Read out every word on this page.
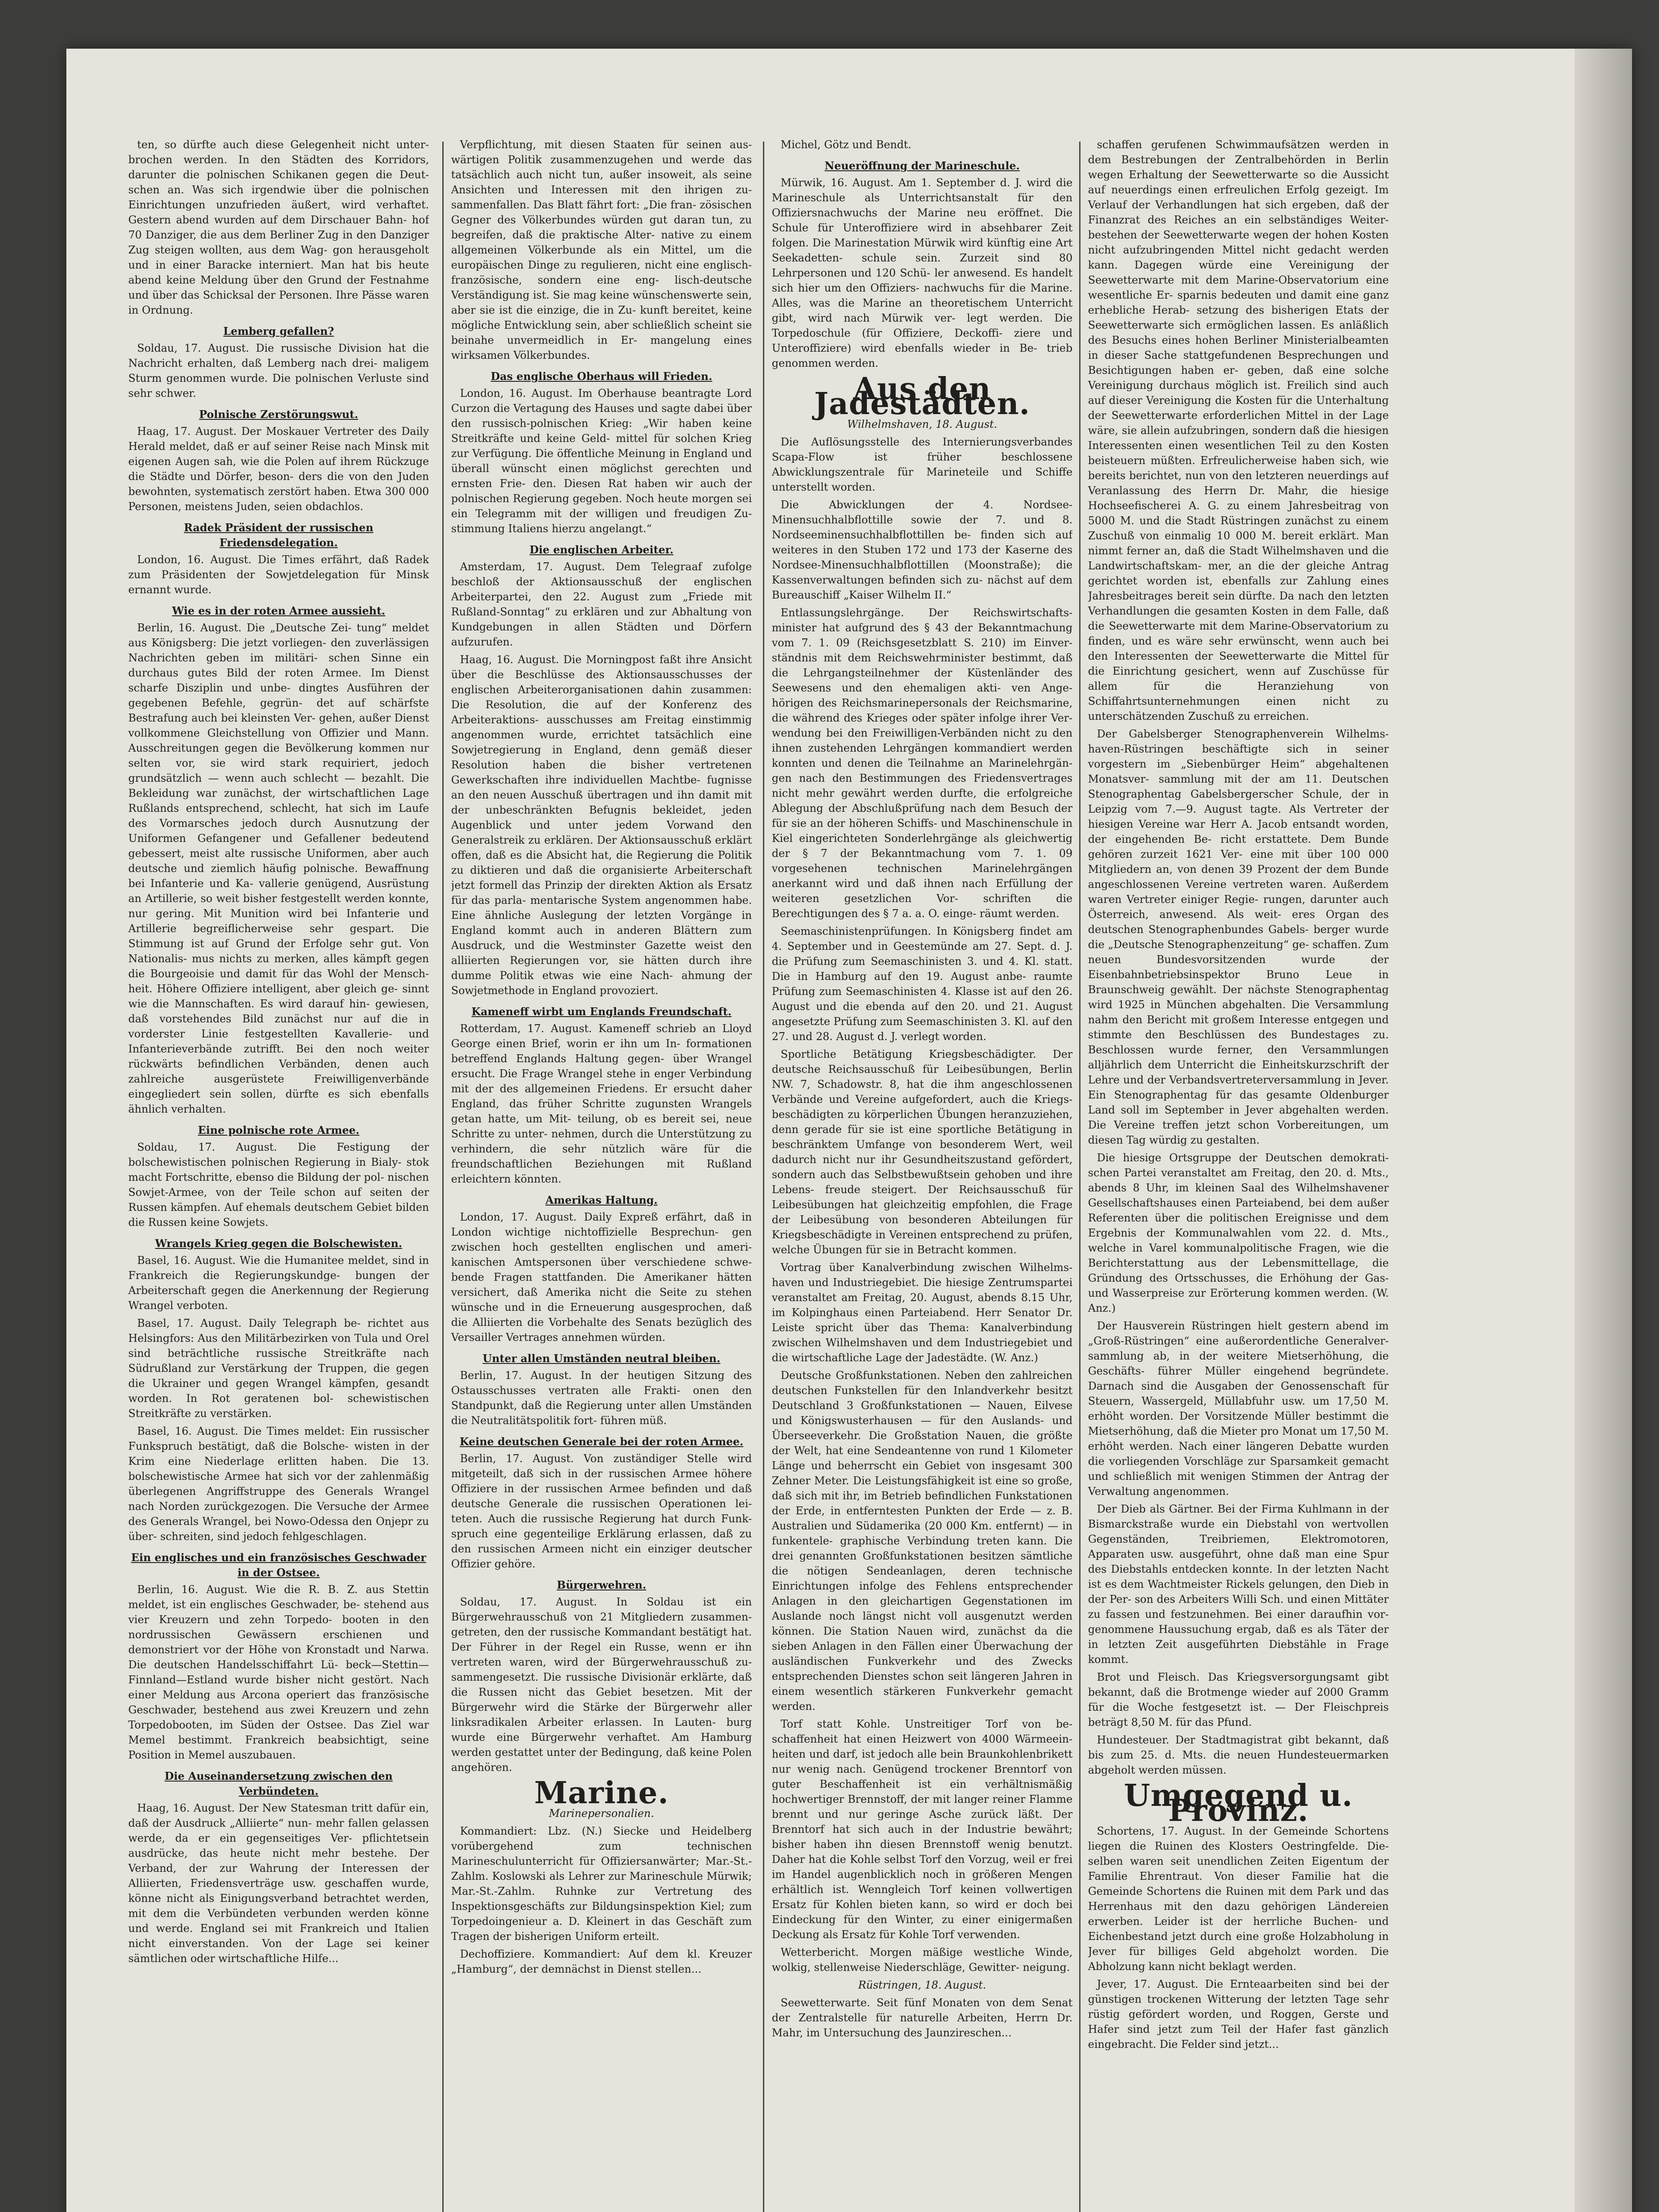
ten, so dürfte auch diese Gelegenheit nicht unter- brochen werden. In den Städten des Korridors, darunter die polnischen Schikanen gegen die Deut- schen an. Was sich irgendwie über die polnischen Einrichtungen unzufrieden äußert, wird verhaftet. Gestern abend wurden auf dem Dirschauer Bahn- hof 70 Danziger, die aus dem Berliner Zug in den Danziger Zug steigen wollten, aus dem Wag- gon herausgeholt und in einer Baracke interniert. Man hat bis heute abend keine Meldung über den Grund der Festnahme und über das Schicksal der Personen. Ihre Pässe waren in Ordnung.

Lemberg gefallen?

Soldau, 17. August. Die russische Division hat die Nachricht erhalten, daß Lemberg nach drei- maligem Sturm genommen wurde. Die polnischen Verluste sind sehr schwer.

Polnische Zerstörungswut.

Haag, 17. August. Der Moskauer Vertreter des Daily Herald meldet, daß er auf seiner Reise nach Minsk mit eigenen Augen sah, wie die Polen auf ihrem Rückzuge die Städte und Dörfer, beson- ders die von den Juden bewohnten, systematisch zerstört haben. Etwa 300 000 Personen, meistens Juden, seien obdachlos.

Radek Präsident der russischen Friedensdelegation.

London, 16. August. Die Times erfährt, daß Radek zum Präsidenten der Sowjetdelegation für Minsk ernannt wurde.

Wie es in der roten Armee aussieht.

Berlin, 16. August. Die „Deutsche Zei- tung“ meldet aus Königsberg: Die jetzt vorliegen- den zuverlässigen Nachrichten geben im militäri- schen Sinne ein durchaus gutes Bild der roten Armee. Im Dienst scharfe Disziplin und unbe- dingtes Ausführen der gegebenen Befehle, gegrün- det auf schärfste Bestrafung auch bei kleinsten Ver- gehen, außer Dienst vollkommene Gleichstellung von Offizier und Mann. Ausschreitungen gegen die Bevölkerung kommen nur selten vor, sie wird stark requiriert, jedoch grundsätzlich — wenn auch schlecht — bezahlt. Die Bekleidung war zunächst, der wirtschaftlichen Lage Rußlands entsprechend, schlecht, hat sich im Laufe des Vormarsches jedoch durch Ausnutzung der Uniformen Gefangener und Gefallener bedeutend gebessert, meist alte russische Uniformen, aber auch deutsche und ziemlich häufig polnische. Bewaffnung bei Infanterie und Ka- vallerie genügend, Ausrüstung an Artillerie, so weit bisher festgestellt werden konnte, nur gering. Mit Munition wird bei Infanterie und Artillerie begreiflicherweise sehr gespart. Die Stimmung ist auf Grund der Erfolge sehr gut. Von Nationalis- mus nichts zu merken, alles kämpft gegen die Bourgeoisie und damit für das Wohl der Mensch- heit. Höhere Offiziere intelligent, aber gleich ge- sinnt wie die Mannschaften. Es wird darauf hin- gewiesen, daß vorstehendes Bild zunächst nur auf die in vorderster Linie festgestellten Kavallerie- und Infanterieverbände zutrifft. Bei den noch weiter rückwärts befindlichen Verbänden, denen auch zahlreiche ausgerüstete Freiwilligenverbände eingegliedert sein sollen, dürfte es sich ebenfalls ähnlich verhalten.

Eine polnische rote Armee.

Soldau, 17. August. Die Festigung der bolschewistischen polnischen Regierung in Bialy- stok macht Fortschritte, ebenso die Bildung der pol- nischen Sowjet-Armee, von der Teile schon auf seiten der Russen kämpfen. Auf ehemals deutschem Gebiet bilden die Russen keine Sowjets.

Wrangels Krieg gegen die Bolschewisten.

Basel, 16. August. Wie die Humanitee meldet, sind in Frankreich die Regierungskundge- bungen der Arbeiterschaft gegen die Anerkennung der Regierung Wrangel verboten.

Basel, 17. August. Daily Telegraph be- richtet aus Helsingfors: Aus den Militärbezirken von Tula und Orel sind beträchtliche russische Streitkräfte nach Südrußland zur Verstärkung der Truppen, die gegen die Ukrainer und gegen Wrangel kämpfen, gesandt worden. In Rot geratenen bol- schewistischen Streitkräfte zu verstärken.

Basel, 16. August. Die Times meldet: Ein russischer Funkspruch bestätigt, daß die Bolsche- wisten in der Krim eine Niederlage erlitten haben. Die 13. bolschewistische Armee hat sich vor der zahlenmäßig überlegenen Angriffstruppe des Generals Wrangel nach Norden zurückgezogen. Die Versuche der Armee des Generals Wrangel, bei Nowo-Odessa den Onjepr zu über- schreiten, sind jedoch fehlgeschlagen.

Ein englisches und ein französisches Geschwader in der Ostsee.

Berlin, 16. August. Wie die R. B. Z. aus Stettin meldet, ist ein englisches Geschwader, be- stehend aus vier Kreuzern und zehn Torpedo- booten in den nordrussischen Gewässern erschienen und demonstriert vor der Höhe von Kronstadt und Narwa. Die deutschen Handelsschiffahrt Lü- beck—Stettin—Finnland—Estland wurde bisher nicht gestört. Nach einer Meldung aus Arcona operiert das französische Geschwader, bestehend aus zwei Kreuzern und zehn Torpedobooten, im Süden der Ostsee. Das Ziel war Memel bestimmt. Frankreich beabsichtigt, seine Position in Memel auszubauen.

Die Auseinandersetzung zwischen den Verbündeten.

Haag, 16. August. Der New Statesman tritt dafür ein, daß der Ausdruck „Alliierte“ nun- mehr fallen gelassen werde, da er ein gegenseitiges Ver- pflichtetsein ausdrücke, das heute nicht mehr bestehe. Der Verband, der zur Wahrung der Interessen der Alliierten, Friedensverträge usw. geschaffen wurde, könne nicht als Einigungsverband betrachtet werden, mit dem die Verbündeten verbunden werden könne und werde. England sei mit Frankreich und Italien nicht einverstanden. Von der Lage sei keiner sämtlichen oder wirtschaftliche Hilfe...

Verpflichtung, mit diesen Staaten für seinen aus- wärtigen Politik zusammenzugehen und werde das tatsächlich auch nicht tun, außer insoweit, als seine Ansichten und Interessen mit den ihrigen zu- sammenfallen. Das Blatt fährt fort: „Die fran- zösischen Gegner des Völkerbundes würden gut daran tun, zu begreifen, daß die praktische Alter- native zu einem allgemeinen Völkerbunde als ein Mittel, um die europäischen Dinge zu regulieren, nicht eine englisch-französische, sondern eine eng- lisch-deutsche Verständigung ist. Sie mag keine wünschenswerte sein, aber sie ist die einzige, die in Zu- kunft bereitet, keine mögliche Entwicklung sein, aber schließlich scheint sie beinahe unvermeidlich in Er- mangelung eines wirksamen Völkerbundes.

Das englische Oberhaus will Frieden.

London, 16. August. Im Oberhause beantragte Lord Curzon die Vertagung des Hauses und sagte dabei über den russisch-polnischen Krieg: „Wir haben keine Streitkräfte und keine Geld- mittel für solchen Krieg zur Verfügung. Die öffentliche Meinung in England und überall wünscht einen möglichst gerechten und ernsten Frie- den. Diesen Rat haben wir auch der polnischen Regierung gegeben. Noch heute morgen sei ein Telegramm mit der willigen und freudigen Zu- stimmung Italiens hierzu angelangt.“

Die englischen Arbeiter.

Amsterdam, 17. August. Dem Telegraaf zufolge beschloß der Aktionsausschuß der englischen Arbeiterpartei, den 22. August zum „Friede mit Rußland-Sonntag“ zu erklären und zur Abhaltung von Kundgebungen in allen Städten und Dörfern aufzurufen.

Haag, 16. August. Die Morningpost faßt ihre Ansicht über die Beschlüsse des Aktionsausschusses der englischen Arbeiterorganisationen dahin zusammen: Die Resolution, die auf der Konferenz des Arbeiteraktions- ausschusses am Freitag einstimmig angenommen wurde, errichtet tatsächlich eine Sowjetregierung in England, denn gemäß dieser Resolution haben die bisher vertretenen Gewerkschaften ihre individuellen Machtbe- fugnisse an den neuen Ausschuß übertragen und ihn damit mit der unbeschränkten Befugnis bekleidet, jeden Augenblick und unter jedem Vorwand den Generalstreik zu erklären. Der Aktionsausschuß erklärt offen, daß es die Absicht hat, die Regierung die Politik zu diktieren und daß die organisierte Arbeiterschaft jetzt formell das Prinzip der direkten Aktion als Ersatz für das parla- mentarische System angenommen habe. Eine ähnliche Auslegung der letzten Vorgänge in England kommt auch in anderen Blättern zum Ausdruck, und die Westminster Gazette weist den alliierten Regierungen vor, sie hätten durch ihre dumme Politik etwas wie eine Nach- ahmung der Sowjetmethode in England provoziert.

Kameneff wirbt um Englands Freundschaft.

Rotterdam, 17. August. Kameneff schrieb an Lloyd George einen Brief, worin er ihn um In- formationen betreffend Englands Haltung gegen- über Wrangel ersucht. Die Frage Wrangel stehe in enger Verbindung mit der des allgemeinen Friedens. Er ersucht daher England, das früher Schritte zugunsten Wrangels getan hatte, um Mit- teilung, ob es bereit sei, neue Schritte zu unter- nehmen, durch die Unterstützung zu verhindern, die sehr nützlich wäre für die freundschaftlichen Beziehungen mit Rußland erleichtern könnten.

Amerikas Haltung.

London, 17. August. Daily Expreß erfährt, daß in London wichtige nichtoffizielle Besprechun- gen zwischen hoch gestellten englischen und ameri- kanischen Amtspersonen über verschiedene schwe- bende Fragen stattfanden. Die Amerikaner hätten versichert, daß Amerika nicht die Seite zu stehen wünsche und in die Erneuerung ausgesprochen, daß die Alliierten die Vorbehalte des Senats bezüglich des Versailler Vertrages annehmen würden.

Unter allen Umständen neutral bleiben.

Berlin, 17. August. In der heutigen Sitzung des Ostausschusses vertraten alle Frakti- onen den Standpunkt, daß die Regierung unter allen Umständen die Neutralitätspolitik fort- führen müß.

Keine deutschen Generale bei der roten Armee.

Berlin, 17. August. Von zuständiger Stelle wird mitgeteilt, daß sich in der russischen Armee höhere Offiziere in der russischen Armee befinden und daß deutsche Generale die russischen Operationen lei- teten. Auch die russische Regierung hat durch Funk- spruch eine gegenteilige Erklärung erlassen, daß zu den russischen Armeen nicht ein einziger deutscher Offizier gehöre.

Bürgerwehren.

Soldau, 17. August. In Soldau ist ein Bürgerwehrausschuß von 21 Mitgliedern zusammen- getreten, den der russische Kommandant bestätigt hat. Der Führer in der Regel ein Russe, wenn er ihn vertreten waren, wird der Bürgerwehrausschuß zu- sammengesetzt. Die russische Divisionär erklärte, daß die Russen nicht das Gebiet besetzen. Mit der Bürgerwehr wird die Stärke der Bürgerwehr aller linksradikalen Arbeiter erlassen. In Lauten- burg wurde eine Bürgerwehr verhaftet. Am Hamburg werden gestattet unter der Bedingung, daß keine Polen angehören.

Marine.
Marinepersonalien.

Kommandiert: Lbz. (N.) Siecke und Heidelberg vorübergehend zum technischen Marineschulunterricht für Offiziersanwärter; Mar.-St.-Zahlm. Koslowski als Lehrer zur Marineschule Mürwik; Mar.-St.-Zahlm. Ruhnke zur Vertretung des Inspektionsgeschäfts zur Bildungsinspektion Kiel; zum Torpedoingenieur a. D. Kleinert in das Geschäft zum Tragen der bisherigen Uniform erteilt.

Dechoffiziere. Kommandiert: Auf dem kl. Kreuzer „Hamburg“, der demnächst in Dienst stellen...

Michel, Götz und Bendt.

Neueröffnung der Marineschule.

Mürwik, 16. August. Am 1. September d. J. wird die Marineschule als Unterrichtsanstalt für den Offiziersnachwuchs der Marine neu eröffnet. Die Schule für Unteroffiziere wird in absehbarer Zeit folgen. Die Marinestation Mürwik wird künftig eine Art Seekadetten- schule sein. Zurzeit sind 80 Lehrpersonen und 120 Schü- ler anwesend. Es handelt sich hier um den Offiziers- nachwuchs für die Marine. Alles, was die Marine an theoretischem Unterricht gibt, wird nach Mürwik ver- legt werden. Die Torpedoschule (für Offiziere, Deckoffi- ziere und Unteroffiziere) wird ebenfalls wieder in Be- trieb genommen werden.

Aus den Jadestädten.
Wilhelmshaven, 18. August.

Die Auflösungsstelle des Internierungsverbandes Scapa-Flow ist früher beschlossene Abwicklungszentrale für Marineteile und Schiffe unterstellt worden.

Die Abwicklungen der 4. Nordsee-Minensuchhalbflottille sowie der 7. und 8. Nordseeminensuchhalbflottillen be- finden sich auf weiteres in den Stuben 172 und 173 der Kaserne des Nordsee-Minensuchhalbflottillen (Moonstraße); die Kassenverwaltungen befinden sich zu- nächst auf dem Bureauschiff „Kaiser Wilhelm II.“

Entlassungslehrgänge. Der Reichswirtschafts- minister hat aufgrund des § 43 der Bekanntmachung vom 7. 1. 09 (Reichsgesetzblatt S. 210) im Einver- ständnis mit dem Reichswehrminister bestimmt, daß die Lehrgangsteilnehmer der Küstenländer des Seewesens und den ehemaligen akti- ven Ange- hörigen des Reichsmarinepersonals der Reichsmarine, die während des Krieges oder später infolge ihrer Ver- wendung bei den Freiwilligen-Verbänden nicht zu den ihnen zustehenden Lehrgängen kommandiert werden konnten und denen die Teilnahme an Marinelehrgän- gen nach den Bestimmungen des Friedensvertrages nicht mehr gewährt werden durfte, die erfolgreiche Ablegung der Abschlußprüfung nach dem Besuch der für sie an der höheren Schiffs- und Maschinenschule in Kiel eingerichteten Sonderlehrgänge als gleichwertig der § 7 der Bekanntmachung vom 7. 1. 09 vorgesehenen technischen Marinelehrgängen anerkannt wird und daß ihnen nach Erfüllung der weiteren gesetzlichen Vor- schriften die Berechtigungen des § 7 a. a. O. einge- räumt werden.

Seemaschinistenprüfungen. In Königsberg findet am 4. September und in Geestemünde am 27. Sept. d. J. die Prüfung zum Seemaschinisten 3. und 4. Kl. statt. Die in Hamburg auf den 19. August anbe- raumte Prüfung zum Seemaschinisten 4. Klasse ist auf den 26. August und die ebenda auf den 20. und 21. August angesetzte Prüfung zum Seemaschinisten 3. Kl. auf den 27. und 28. August d. J. verlegt worden.

Sportliche Betätigung Kriegsbeschädigter. Der deutsche Reichsausschuß für Leibesübungen, Berlin NW. 7, Schadowstr. 8, hat die ihm angeschlossenen Verbände und Vereine aufgefordert, auch die Kriegs- beschädigten zu körperlichen Übungen heranzuziehen, denn gerade für sie ist eine sportliche Betätigung in beschränktem Umfange von besonderem Wert, weil dadurch nicht nur ihr Gesundheitszustand gefördert, sondern auch das Selbstbewußtsein gehoben und ihre Lebens- freude steigert. Der Reichsausschuß für Leibesübungen hat gleichzeitig empfohlen, die Frage der Leibesübung von besonderen Abteilungen für Kriegsbeschädigte in Vereinen entsprechend zu prüfen, welche Übungen für sie in Betracht kommen.

Vortrag über Kanalverbindung zwischen Wilhelms- haven und Industriegebiet. Die hiesige Zentrumspartei veranstaltet am Freitag, 20. August, abends 8.15 Uhr, im Kolpinghaus einen Parteiabend. Herr Senator Dr. Leiste spricht über das Thema: Kanalverbindung zwischen Wilhelmshaven und dem Industriegebiet und die wirtschaftliche Lage der Jadestädte. (W. Anz.)

Deutsche Großfunkstationen. Neben den zahlreichen deutschen Funkstellen für den Inlandverkehr besitzt Deutschland 3 Großfunkstationen — Nauen, Eilvese und Königswusterhausen — für den Auslands- und Überseeverkehr. Die Großstation Nauen, die größte der Welt, hat eine Sendeantenne von rund 1 Kilometer Länge und beherrscht ein Gebiet von insgesamt 300 Zehner Meter. Die Leistungsfähigkeit ist eine so große, daß sich mit ihr, im Betrieb befindlichen Funkstationen der Erde, in entferntesten Punkten der Erde — z. B. Australien und Südamerika (20 000 Km. entfernt) — in funkentele- graphische Verbindung treten kann. Die drei genannten Großfunkstationen besitzen sämtliche die nötigen Sendeanlagen, deren technische Einrichtungen infolge des Fehlens entsprechender Anlagen in den gleichartigen Gegenstationen im Auslande noch längst nicht voll ausgenutzt werden können. Die Station Nauen wird, zunächst da die sieben Anlagen in den Fällen einer Überwachung der ausländischen Funkverkehr und des Zwecks entsprechenden Dienstes schon seit längeren Jahren in einem wesentlich stärkeren Funkverkehr gemacht werden.

Torf statt Kohle. Unstreitiger Torf von be- schaffenheit hat einen Heizwert von 4000 Wärmeein- heiten und darf, ist jedoch alle bein Braunkohlenbrikett nur wenig nach. Genügend trockener Brenntorf von guter Beschaffenheit ist ein verhältnismäßig hochwertiger Brennstoff, der mit langer reiner Flamme brennt und nur geringe Asche zurück läßt. Der Brenntorf hat sich auch in der Industrie bewährt; bisher haben ihn diesen Brennstoff wenig benutzt. Daher hat die Kohle selbst Torf den Vorzug, weil er frei im Handel augenblicklich noch in größeren Mengen erhältlich ist. Wenngleich Torf keinen vollwertigen Ersatz für Kohlen bieten kann, so wird er doch bei Eindeckung für den Winter, zu einer einigermaßen Deckung als Ersatz für Kohle Torf verwenden.

Wetterbericht. Morgen mäßige westliche Winde, wolkig, stellenweise Niederschläge, Gewitter- neigung.

Rüstringen, 18. August.

Seewetterwarte. Seit fünf Monaten von dem Senat der Zentralstelle für naturelle Arbeiten, Herrn Dr. Mahr, im Untersuchung des Jaunzireschen...

schaffen gerufenen Schwimmaufsätzen werden in dem Bestrebungen der Zentralbehörden in Berlin wegen Erhaltung der Seewetterwarte so die Aussicht auf neuerdings einen erfreulichen Erfolg gezeigt. Im Verlauf der Verhandlungen hat sich ergeben, daß der Finanzrat des Reiches an ein selbständiges Weiter- bestehen der Seewetterwarte wegen der hohen Kosten nicht aufzubringenden Mittel nicht gedacht werden kann. Dagegen würde eine Vereinigung der Seewetterwarte mit dem Marine-Observatorium eine wesentliche Er- sparnis bedeuten und damit eine ganz erhebliche Herab- setzung des bisherigen Etats der Seewetterwarte sich ermöglichen lassen. Es anläßlich des Besuchs eines hohen Berliner Ministerialbeamten in dieser Sache stattgefundenen Besprechungen und Besichtigungen haben er- geben, daß eine solche Vereinigung durchaus möglich ist. Freilich sind auch auf dieser Vereinigung die Kosten für die Unterhaltung der Seewetterwarte erforderlichen Mittel in der Lage wäre, sie allein aufzubringen, sondern daß die hiesigen Interessenten einen wesentlichen Teil zu den Kosten beisteuern müßten. Erfreulicherweise haben sich, wie bereits berichtet, nun von den letzteren neuerdings auf Veranlassung des Herrn Dr. Mahr, die hiesige Hochseefischerei A. G. zu einem Jahresbeitrag von 5000 M. und die Stadt Rüstringen zunächst zu einem Zuschuß von einmalig 10 000 M. bereit erklärt. Man nimmt ferner an, daß die Stadt Wilhelmshaven und die Landwirtschaftskam- mer, an die der gleiche Antrag gerichtet worden ist, ebenfalls zur Zahlung eines Jahresbeitrages bereit sein dürfte. Da nach den letzten Verhandlungen die gesamten Kosten in dem Falle, daß die Seewetterwarte mit dem Marine-Observatorium zu finden, und es wäre sehr erwünscht, wenn auch bei den Interessenten der Seewetterwarte die Mittel für die Einrichtung gesichert, wenn auf Zuschüsse für allem für die Heranziehung von Schiffahrtsunternehmungen einen nicht zu unterschätzenden Zuschuß zu erreichen.

Der Gabelsberger Stenographenverein Wilhelms- haven-Rüstringen beschäftigte sich in seiner vorgestern im „Siebenbürger Heim“ abgehaltenen Monatsver- sammlung mit der am 11. Deutschen Stenographentag Gabelsbergerscher Schule, der in Leipzig vom 7.—9. August tagte. Als Vertreter der hiesigen Vereine war Herr A. Jacob entsandt worden, der eingehenden Be- richt erstattete. Dem Bunde gehören zurzeit 1621 Ver- eine mit über 100 000 Mitgliedern an, von denen 39 Prozent der dem Bunde angeschlossenen Vereine vertreten waren. Außerdem waren Vertreter einiger Regie- rungen, darunter auch Österreich, anwesend. Als weit- eres Organ des deutschen Stenographenbundes Gabels- berger wurde die „Deutsche Stenographenzeitung“ ge- schaffen. Zum neuen Bundesvorsitzenden wurde der Eisenbahnbetriebsinspektor Bruno Leue in Braunschweig gewählt. Der nächste Stenographentag wird 1925 in München abgehalten. Die Versammlung nahm den Bericht mit großem Interesse entgegen und stimmte den Beschlüssen des Bundestages zu. Beschlossen wurde ferner, den Versammlungen alljährlich dem Unterricht die Einheitskurzschrift der Lehre und der Verbandsvertreterversammlung in Jever. Ein Stenographentag für das gesamte Oldenburger Land soll im September in Jever abgehalten werden. Die Vereine treffen jetzt schon Vorbereitungen, um diesen Tag würdig zu gestalten.

Die hiesige Ortsgruppe der Deutschen demokrati- schen Partei veranstaltet am Freitag, den 20. d. Mts., abends 8 Uhr, im kleinen Saal des Wilhelmshavener Gesellschaftshauses einen Parteiabend, bei dem außer Referenten über die politischen Ereignisse und dem Ergebnis der Kommunalwahlen vom 22. d. Mts., welche in Varel kommunalpolitische Fragen, wie die Berichterstattung aus der Lebensmittellage, die Gründung des Ortsschusses, die Erhöhung der Gas- und Wasserpreise zur Erörterung kommen werden. (W. Anz.)

Der Hausverein Rüstringen hielt gestern abend im „Groß-Rüstringen“ eine außerordentliche Generalver- sammlung ab, in der weitere Mietserhöhung, die Geschäfts- führer Müller eingehend begründete. Darnach sind die Ausgaben der Genossenschaft für Steuern, Wassergeld, Müllabfuhr usw. um 17,50 M. erhöht worden. Der Vorsitzende Müller bestimmt die Mietserhöhung, daß die Mieter pro Monat um 17,50 M. erhöht werden. Nach einer längeren Debatte wurden die vorliegenden Vorschläge zur Sparsamkeit gemacht und schließlich mit wenigen Stimmen der Antrag der Verwaltung angenommen.

Der Dieb als Gärtner. Bei der Firma Kuhlmann in der Bismarckstraße wurde ein Diebstahl von wertvollen Gegenständen, Treibriemen, Elektromotoren, Apparaten usw. ausgeführt, ohne daß man eine Spur des Diebstahls entdecken konnte. In der letzten Nacht ist es dem Wachtmeister Rickels gelungen, den Dieb in der Per- son des Arbeiters Willi Sch. und einen Mittäter zu fassen und festzunehmen. Bei einer daraufhin vor- genommene Haussuchung ergab, daß es als Täter der in letzten Zeit ausgeführten Diebstähle in Frage kommt.

Brot und Fleisch. Das Kriegsversorgungsamt gibt bekannt, daß die Brotmenge wieder auf 2000 Gramm für die Woche festgesetzt ist. — Der Fleischpreis beträgt 8,50 M. für das Pfund.

Hundesteuer. Der Stadtmagistrat gibt bekannt, daß bis zum 25. d. Mts. die neuen Hundesteuermarken abgeholt werden müssen.

Umgegend u. Provinz.

Schortens, 17. August. In der Gemeinde Schortens liegen die Ruinen des Klosters Oestringfelde. Die- selben waren seit unendlichen Zeiten Eigentum der Familie Ehrentraut. Von dieser Familie hat die Gemeinde Schortens die Ruinen mit dem Park und das Herrenhaus mit den dazu gehörigen Ländereien erwerben. Leider ist der herrliche Buchen- und Eichenbestand jetzt durch eine große Holzabholung in Jever für billiges Geld abgeholzt worden. Die Abholzung kann nicht beklagt werden.

Jever, 17. August. Die Ernteaarbeiten sind bei der günstigen trockenen Witterung der letzten Tage sehr rüstig gefördert worden, und Roggen, Gerste und Hafer sind jetzt zum Teil der Hafer fast gänzlich eingebracht. Die Felder sind jetzt...
